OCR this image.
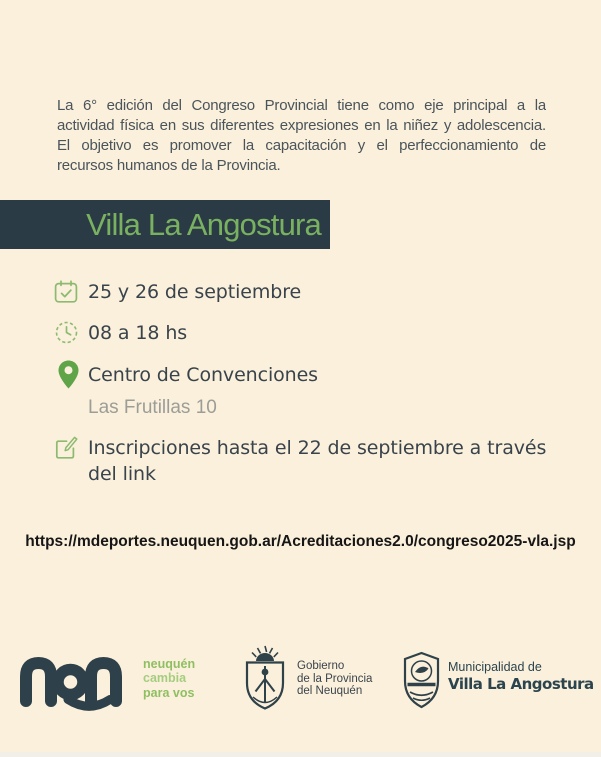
La 6° edición del Congreso Provincial tiene como eje principal a la
actividad física en sus diferentes expresiones en la niñez y adolescencia.
El objetivo es promover la capacitación y el perfeccionamiento de
recursos humanos de la Provincia.
Villa La Angostura
25 y 26 de septiembre
08 a 18 hs
Centro de Convenciones
Las Frutillas 10
Inscripciones hasta el 22 de septiembre a través
del link
https://mdeportes.neuquen.gob.ar/Acreditaciones2.0/congreso2025-vla.jsp
neuquén
cambia
para vos
Gobierno
de la Provincia
del Neuquén
Municipalidad de
Villa La Angostura
